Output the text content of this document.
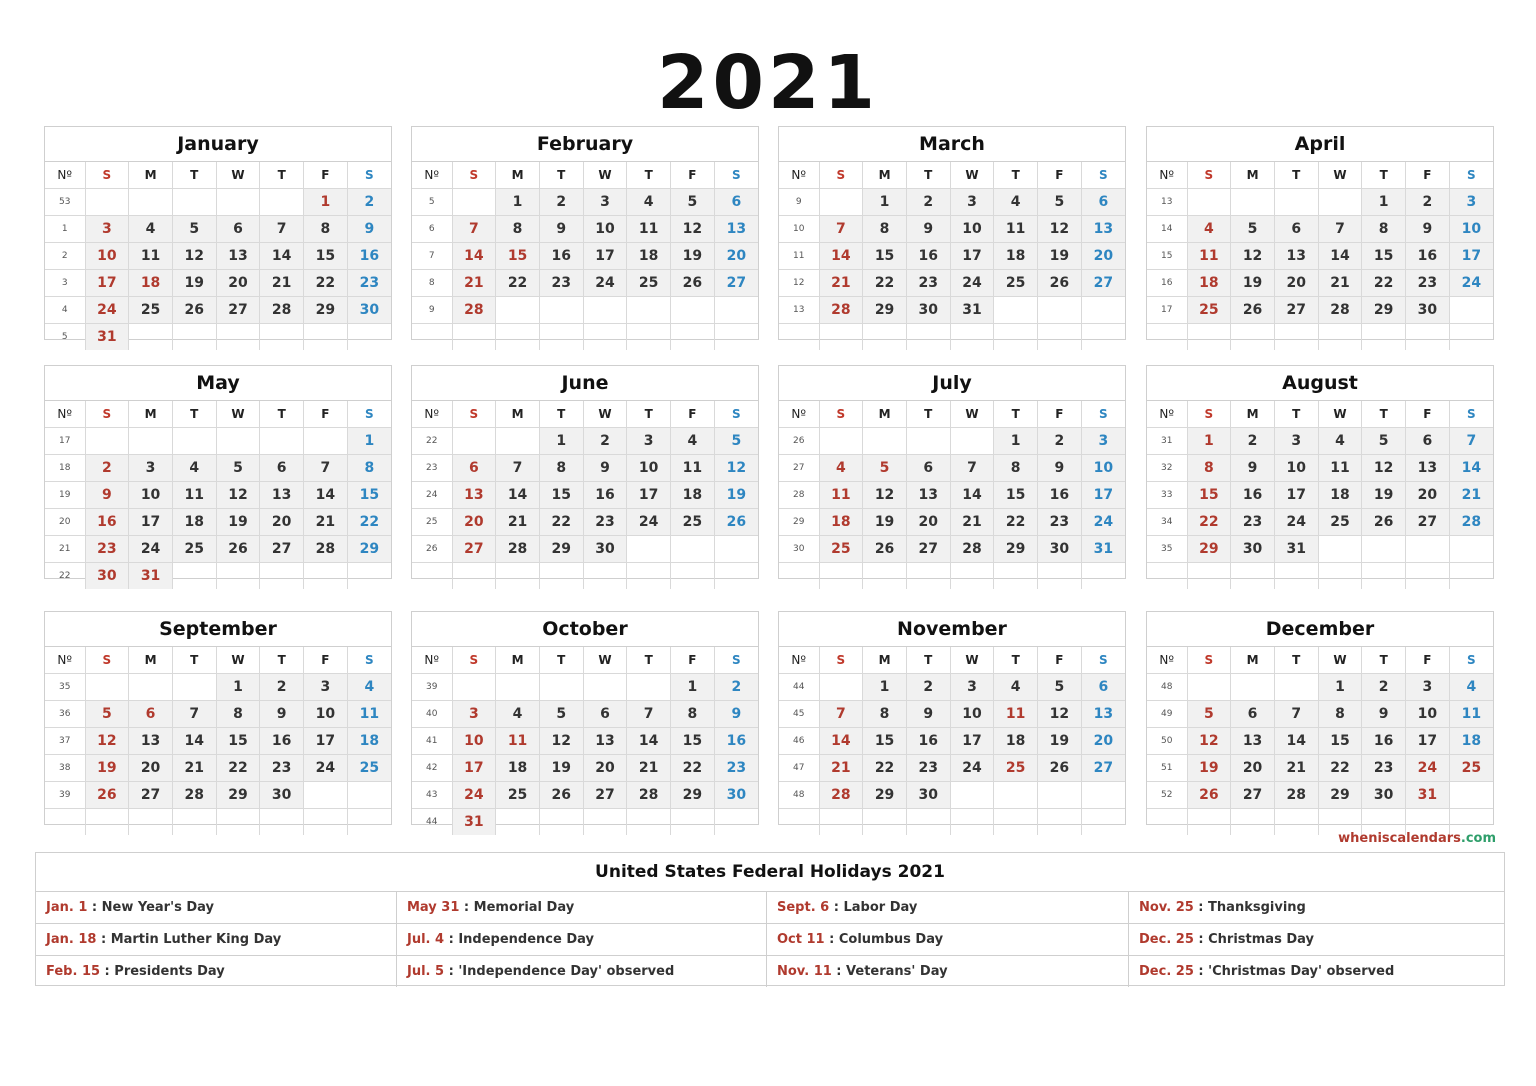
2021
January
Nº	S	M	T	W	T	F	S
53						1	2
1	3	4	5	6	7	8	9
2	10	11	12	13	14	15	16
3	17	18	19	20	21	22	23
4	24	25	26	27	28	29	30
5	31						
February
Nº	S	M	T	W	T	F	S
5		1	2	3	4	5	6
6	7	8	9	10	11	12	13
7	14	15	16	17	18	19	20
8	21	22	23	24	25	26	27
9	28						

March
Nº	S	M	T	W	T	F	S
9		1	2	3	4	5	6
10	7	8	9	10	11	12	13
11	14	15	16	17	18	19	20
12	21	22	23	24	25	26	27
13	28	29	30	31			

April
Nº	S	M	T	W	T	F	S
13					1	2	3
14	4	5	6	7	8	9	10
15	11	12	13	14	15	16	17
16	18	19	20	21	22	23	24
17	25	26	27	28	29	30	

May
Nº	S	M	T	W	T	F	S
17							1
18	2	3	4	5	6	7	8
19	9	10	11	12	13	14	15
20	16	17	18	19	20	21	22
21	23	24	25	26	27	28	29
22	30	31					
June
Nº	S	M	T	W	T	F	S
22			1	2	3	4	5
23	6	7	8	9	10	11	12
24	13	14	15	16	17	18	19
25	20	21	22	23	24	25	26
26	27	28	29	30			

July
Nº	S	M	T	W	T	F	S
26					1	2	3
27	4	5	6	7	8	9	10
28	11	12	13	14	15	16	17
29	18	19	20	21	22	23	24
30	25	26	27	28	29	30	31

August
Nº	S	M	T	W	T	F	S
31	1	2	3	4	5	6	7
32	8	9	10	11	12	13	14
33	15	16	17	18	19	20	21
34	22	23	24	25	26	27	28
35	29	30	31				

September
Nº	S	M	T	W	T	F	S
35				1	2	3	4
36	5	6	7	8	9	10	11
37	12	13	14	15	16	17	18
38	19	20	21	22	23	24	25
39	26	27	28	29	30		

October
Nº	S	M	T	W	T	F	S
39						1	2
40	3	4	5	6	7	8	9
41	10	11	12	13	14	15	16
42	17	18	19	20	21	22	23
43	24	25	26	27	28	29	30
44	31						
November
Nº	S	M	T	W	T	F	S
44		1	2	3	4	5	6
45	7	8	9	10	11	12	13
46	14	15	16	17	18	19	20
47	21	22	23	24	25	26	27
48	28	29	30				

December
Nº	S	M	T	W	T	F	S
48				1	2	3	4
49	5	6	7	8	9	10	11
50	12	13	14	15	16	17	18
51	19	20	21	22	23	24	25
52	26	27	28	29	30	31	

wheniscalendars.com
United States Federal Holidays 2021
Jan. 1 : New Year's Day	May 31 : Memorial Day	Sept. 6 : Labor Day	Nov. 25 : Thanksgiving
Jan. 18 : Martin Luther King Day	Jul. 4 : Independence Day	Oct 11 : Columbus Day	Dec. 25 : Christmas Day
Feb. 15 : Presidents Day	Jul. 5 : 'Independence Day' observed	Nov. 11 : Veterans' Day	Dec. 25 : 'Christmas Day' observed
